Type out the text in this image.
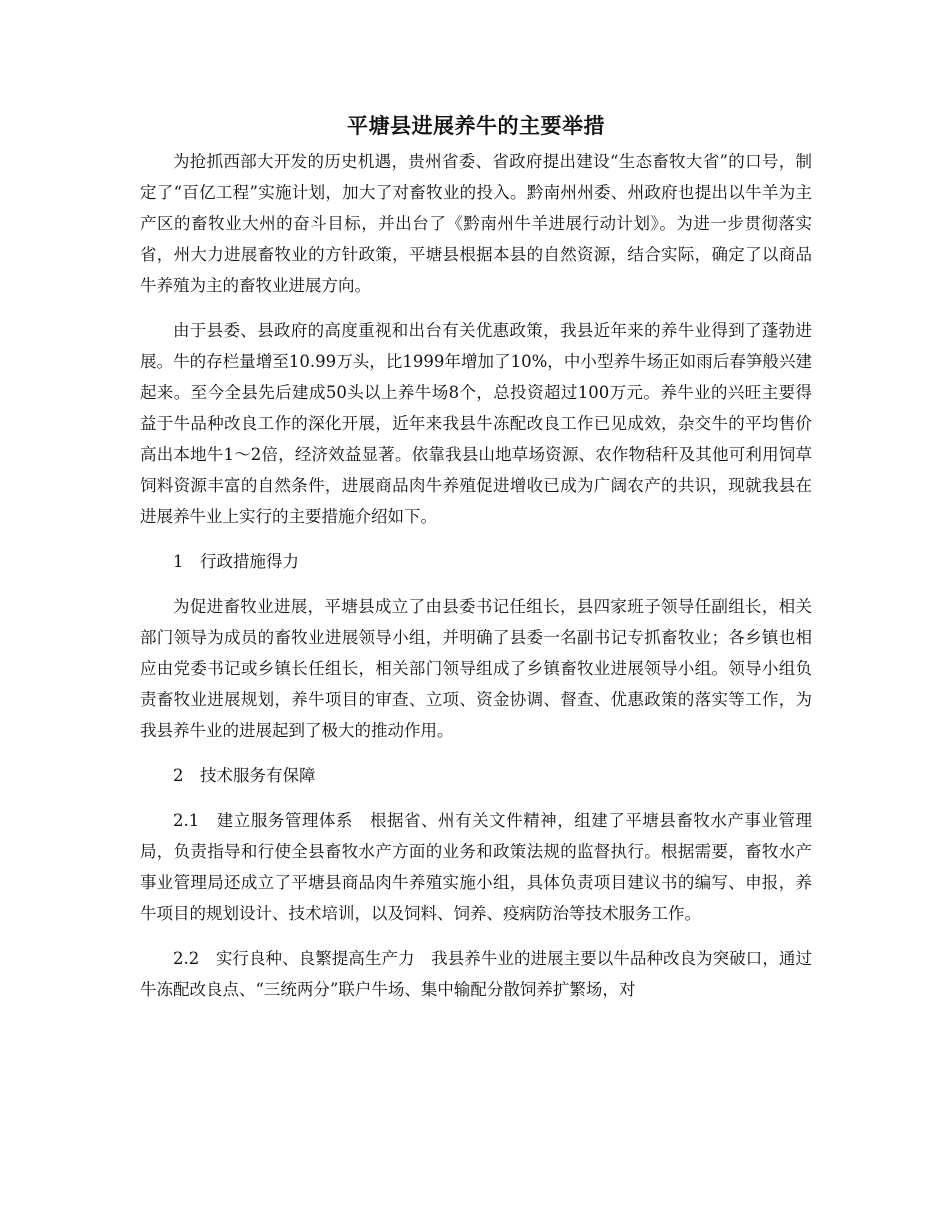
平塘县进展养牛的主要举措

为抢抓西部大开发的历史机遇，贵州省委、省政府提出建设“生态畜牧大省”的口号，制定了“百亿工程”实施计划，加大了对畜牧业的投入。黔南州州委、州政府也提出以牛羊为主产区的畜牧业大州的奋斗目标，并出台了《黔南州牛羊进展行动计划》。为进一步贯彻落实省，州大力进展畜牧业的方针政策，平塘县根据本县的自然资源，结合实际，确定了以商品牛养殖为主的畜牧业进展方向。

由于县委、县政府的高度重视和出台有关优惠政策，我县近年来的养牛业得到了蓬勃进展。牛的存栏量增至10.99万头，比1999年增加了10%，中小型养牛场正如雨后春笋般兴建起来。至今全县先后建成50头以上养牛场8个，总投资超过100万元。养牛业的兴旺主要得益于牛品种改良工作的深化开展，近年来我县牛冻配改良工作已见成效，杂交牛的平均售价高出本地牛1～2倍，经济效益显著。依靠我县山地草场资源、农作物秸秆及其他可利用饲草饲料资源丰富的自然条件，进展商品肉牛养殖促进增收已成为广阔农产的共识，现就我县在进展养牛业上实行的主要措施介绍如下。

1　行政措施得力

为促进畜牧业进展，平塘县成立了由县委书记任组长，县四家班子领导任副组长，相关部门领导为成员的畜牧业进展领导小组，并明确了县委一名副书记专抓畜牧业；各乡镇也相应由党委书记或乡镇长任组长，相关部门领导组成了乡镇畜牧业进展领导小组。领导小组负责畜牧业进展规划，养牛项目的审查、立项、资金协调、督查、优惠政策的落实等工作，为我县养牛业的进展起到了极大的推动作用。

2　技术服务有保障

2.1　建立服务管理体系　根据省、州有关文件精神，组建了平塘县畜牧水产事业管理局，负责指导和行使全县畜牧水产方面的业务和政策法规的监督执行。根据需要，畜牧水产事业管理局还成立了平塘县商品肉牛养殖实施小组，具体负责项目建议书的编写、申报，养牛项目的规划设计、技术培训，以及饲料、饲养、疫病防治等技术服务工作。

2.2　实行良种、良繁提高生产力　我县养牛业的进展主要以牛品种改良为突破口，通过牛冻配改良点、“三统两分”联户牛场、集中输配分散饲养扩繁场，对
